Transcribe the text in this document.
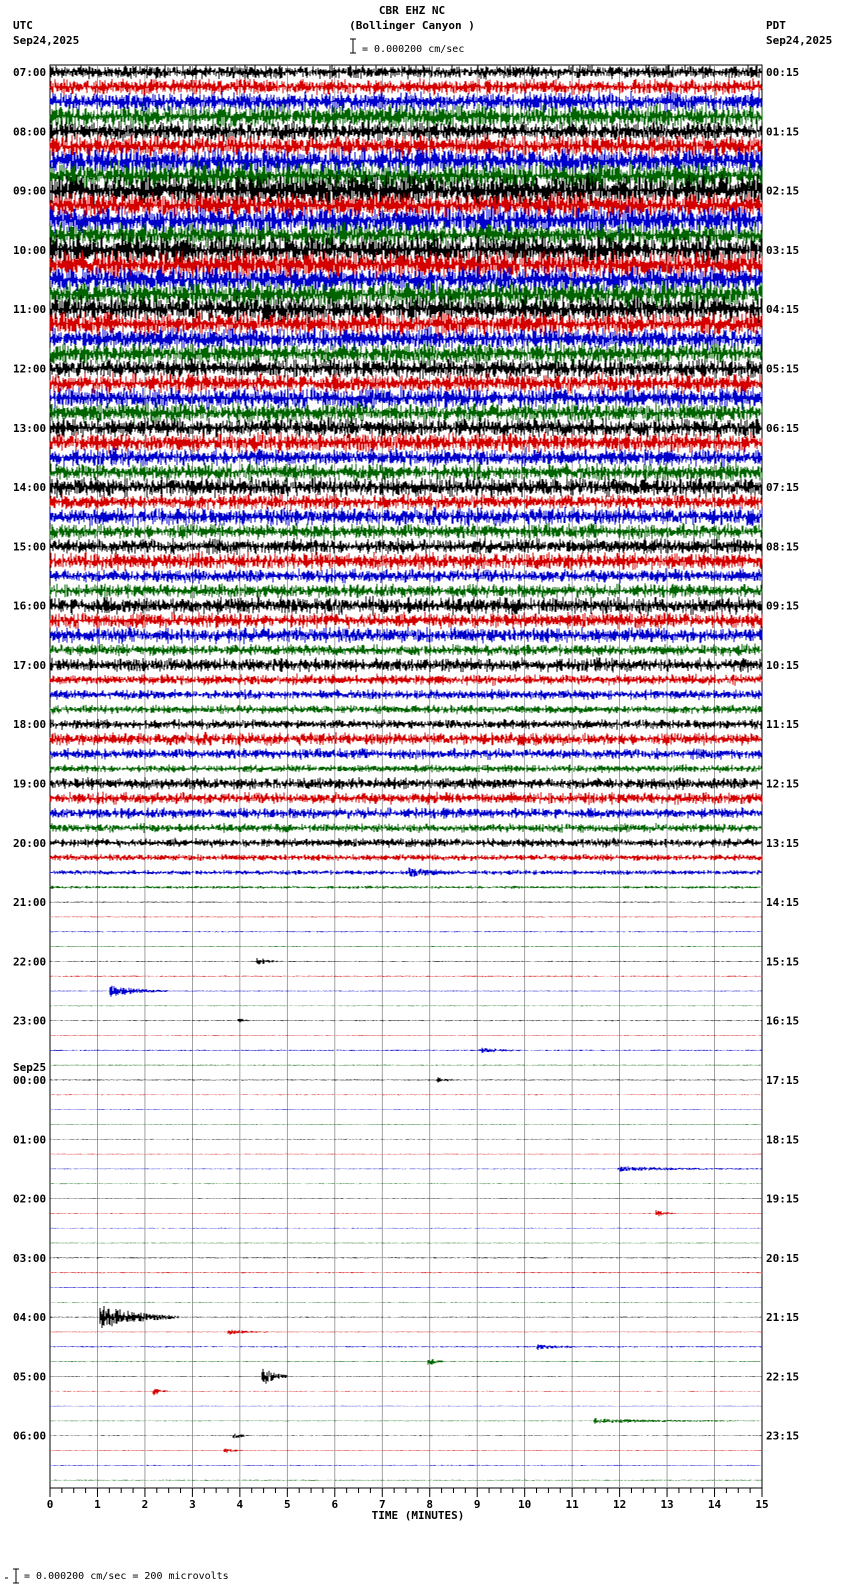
UTC
Sep24,2025
CBR EHZ NC
(Bollinger Canyon )
= 0.000200 cm/sec
PDT
Sep24,2025
07:00	00:15
08:00	01:15
09:00	02:15
10:00	03:15
11:00	04:15
12:00	05:15
13:00	06:15
14:00	07:15
15:00	08:15
16:00	09:15
17:00	10:15
18:00	11:15
19:00	12:15
20:00	13:15
21:00	14:15
22:00	15:15
23:00	16:15
00:00	17:15
Sep25
01:00	18:15
02:00	19:15
03:00	20:15
04:00	21:15
05:00	22:15
06:00	23:15
0	1	2	3	4	5	6	7	8	9	10	11	12	13	14	15
TIME (MINUTES)
= 0.000200 cm/sec = 200 microvolts
